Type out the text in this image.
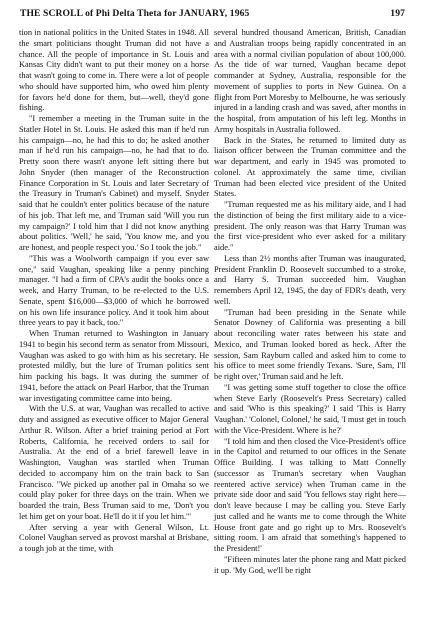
THE SCROLL of Phi Delta Theta for JANUARY, 1965	197

tion in national politics in the United States in 1948. All the smart politicians thought Truman did not have a chance. All the people of importance in St. Louis and Kansas City didn't want to put their money on a horse that wasn't going to come in. There were a lot of people who should have supported him, who owed him plenty for favors he'd done for them, but—well, they'd gone fishing.

"I remember a meeting in the Truman suite in the Statler Hotel in St. Louis. He asked this man if he'd run his campaign—no, he had this to do; he asked another man if he'd run his campaign—no, he had that to do. Pretty soon there wasn't anyone left sitting there but John Snyder (then manager of the Reconstruction Finance Corporation in St. Louis and later Secretary of the Treasury in Truman's Cabinet) and myself. Snyder said that he couldn't enter politics because of the nature of his job. That left me, and Truman said 'Will you run my campaign?' I told him that I did not know anything about politics. 'Well,' he said, 'You know me, and you are honest, and people respect you.' So I took the job."

"This was a Woolworth campaign if you ever saw one," said Vaughan, speaking like a penny pinching manager. "I had a firm of CPA's audit the books once a week, and Harry Truman, to be re-elected to the U.S. Senate, spent $16,000—$3,000 of which he borrowed on his own life insurance policy. And it took him about three years to pay it back, too."

When Truman returned to Washington in January 1941 to begin his second term as senator from Missouri, Vaughan was asked to go with him as his secretary. He protested mildly, but the lure of Truman politics sent him packing his bags. It was during the summer of 1941, before the attack on Pearl Harbor, that the Truman war investigating committee came into being.

With the U.S. at war, Vaughan was recalled to active duty and assigned as executive officer to Major General Arthur R. Wilson. After a brief training period at Fort Roberts, California, he received orders to sail for Australia. At the end of a brief farewell leave in Washington, Vaughan was startled when Truman decided to accompany him on the train back to San Francisco. "We picked up another pal in Omaha so we could play poker for three days on the train. When we boarded the train, Bess Truman said to me, 'Don't you let him get on your boat. He'll do it if you let him.'"

After serving a year with General Wilson, Lt. Colonel Vaughan served as provost marshal at Brisbane, a tough job at the time, with

several hundred thousand American, British, Canadian and Australian troops being rapidly concentrated in an area with a normal civilian population of about 100,000. As the tide of war turned, Vaughan became depot commander at Sydney, Australia, responsible for the movement of supplies to ports in New Guinea. On a flight from Port Moresby to Melbourne, he was seriously injured in a landing crash and was saved, after months in the hospital, from amputation of his left leg. Months in Army hospitals in Australia followed.

Back in the States, he returned to limited duty as liaison officer between the Truman committee and the war department, and early in 1945 was promoted to colonel. At approximately the same time, civilian Truman had been elected vice president of the United States.

"Truman requested me as his military aide, and I had the distinction of being the first military aide to a vice-president. The only reason was that Harry Truman was the first vice-president who ever asked for a military aide."

Less than 2½ months after Truman was inaugurated, President Franklin D. Roosevelt succumbed to a stroke, and Harry S. Truman succeeded him. Vaughan remembers April 12, 1945, the day of FDR's death, very well.

"Truman had been presiding in the Senate while Senator Downey of California was presenting a bill about reconciling water rates between his state and Mexico, and Truman looked bored as heck. After the session, Sam Rayburn called and asked him to come to his office to meet some friendly Texans. 'Sure, Sam, I'll be right over,' Truman said and he left.

"I was getting some stuff together to close the office when Steve Early (Roosevelt's Press Secretary) called and said 'Who is this speaking?' I said 'This is Harry Vaughan.' 'Colonel, Colonel,' he said, 'I must get in touch with the Vice-President. Where is he?'

"I told him and then closed the Vice-President's office in the Capitol and returned to our offices in the Senate Office Building. I was talking to Matt Connelly (successor as Truman's secretary when Vaughan reentered active service) when Truman came in the private side door and said 'You fellows stay right here—don't leave because I may be calling you. Steve Early just called and he wants me to come through the White House front gate and go right up to Mrs. Roosevelt's sitting room. I am afraid that something's happened to the President!'

"Fifteen minutes later the phone rang and Matt picked it up. 'My God, we'll be right
